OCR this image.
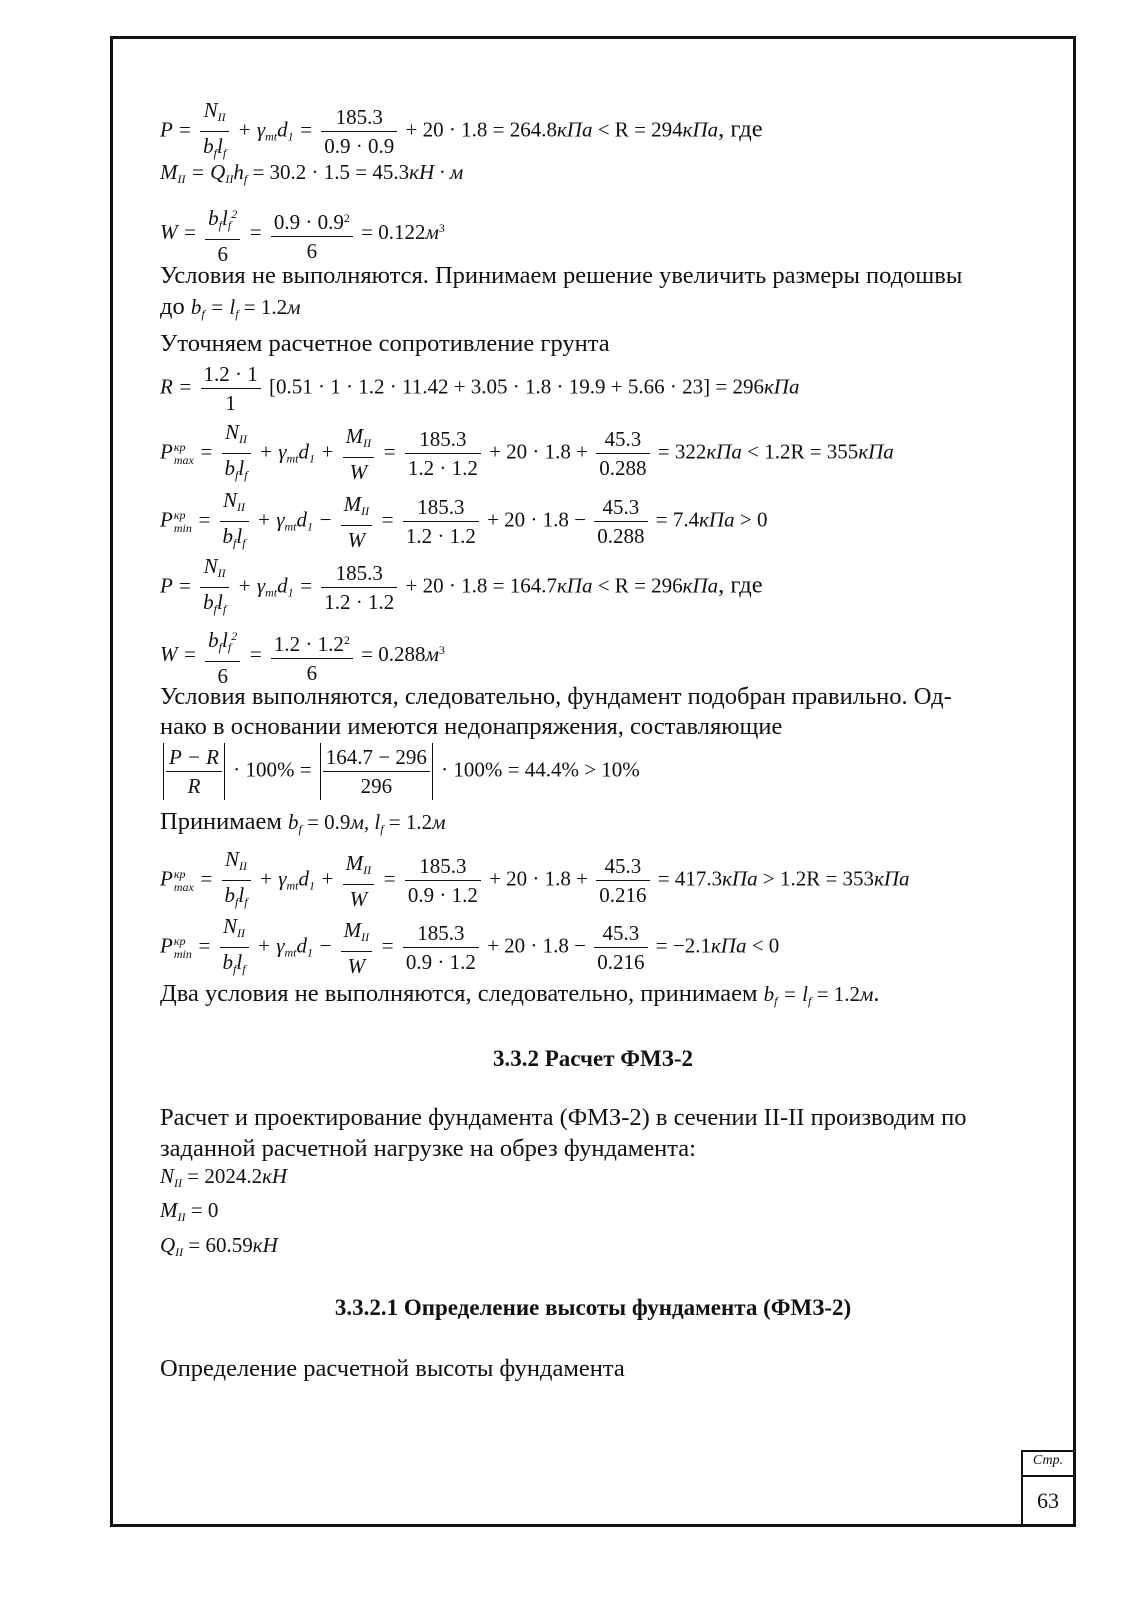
$P = \frac{N_{II}}{b_fl_f} + \gamma_{mt}d_1 = \frac{185.3}{0.9 \cdot 0.9} + 20 \cdot 1.8 = 264.8кПа < R = 294кПа$, где
$M_{II} = Q_{II}h_f = 30.2 \cdot 1.5 = 45.3кН \cdot м$
$W = \frac{b_fl_f^2}{6} = \frac{0.9 \cdot 0.9^2}{6} = 0.122м^3$
Условия не выполняются. Принимаем решение увеличить размеры подошвы
до $b_f = l_f = 1.2м$
Уточняем расчетное сопротивление грунта
$R = \frac{1.2 \cdot 1}{1} [0.51 \cdot 1 \cdot 1.2 \cdot 11.42 + 3.05 \cdot 1.8 \cdot 19.9 + 5.66 \cdot 23] = 296кПа$
P кр
$\max = \frac{N_{II}}{b_fl_f} + \gamma_{mt}d_1 + \frac{M_{II}}{W} = \frac{185.3}{1.2 \cdot 1.2} + 20 \cdot 1.8 + \frac{45.3}{0.288} = 322кПа < 1.2R = 355кПа$
P кр
$\min = \frac{N_{II}}{b_fl_f} + \gamma_{mt}d_1 - \frac{M_{II}}{W} = \frac{185.3}{1.2 \cdot 1.2} + 20 \cdot 1.8 - \frac{45.3}{0.288} = 7.4кПа > 0$
$P = \frac{N_{II}}{b_fl_f} + \gamma_{mt}d_1 = \frac{185.3}{1.2 \cdot 1.2} + 20 \cdot 1.8 = 164.7кПа < R = 296кПа$, где
$W = \frac{b_fl_f^2}{6} = \frac{1.2 \cdot 1.2^2}{6} = 0.288м^3$
Условия выполняются, следовательно, фундамент подобран правильно. Од-
нако в основании имеются недонапряжения, составляющие
$\frac{P - R}{R} \cdot 100\% = \frac{164.7 - 296}{296} \cdot 100\% = 44.4\% > 10\%$
Принимаем $b_f = 0.9м$, $l_f = 1.2м$
P кр
$\max = \frac{N_{II}}{b_fl_f} + \gamma_{mt}d_1 + \frac{M_{II}}{W} = \frac{185.3}{0.9 \cdot 1.2} + 20 \cdot 1.8 + \frac{45.3}{0.216} = 417.3кПа > 1.2R = 353кПа$
P кр
$\min = \frac{N_{II}}{b_fl_f} + \gamma_{mt}d_1 - \frac{M_{II}}{W} = \frac{185.3}{0.9 \cdot 1.2} + 20 \cdot 1.8 - \frac{45.3}{0.216} = -2.1кПа < 0$
Два условия не выполняются, следовательно, принимаем $b_f = l_f = 1.2м$.
3.3.2 Расчет ФМЗ-2
Расчет и проектирование фундамента (ФМЗ-2) в сечении II-II производим по
заданной расчетной нагрузке на обрез фундамента:
$N_{II} = 2024.2кН$
$M_{II} = 0$
$Q_{II} = 60.59кН$
3.3.2.1 Определение высоты фундамента (ФМЗ-2)
Определение расчетной высоты фундамента
Стр.
63
